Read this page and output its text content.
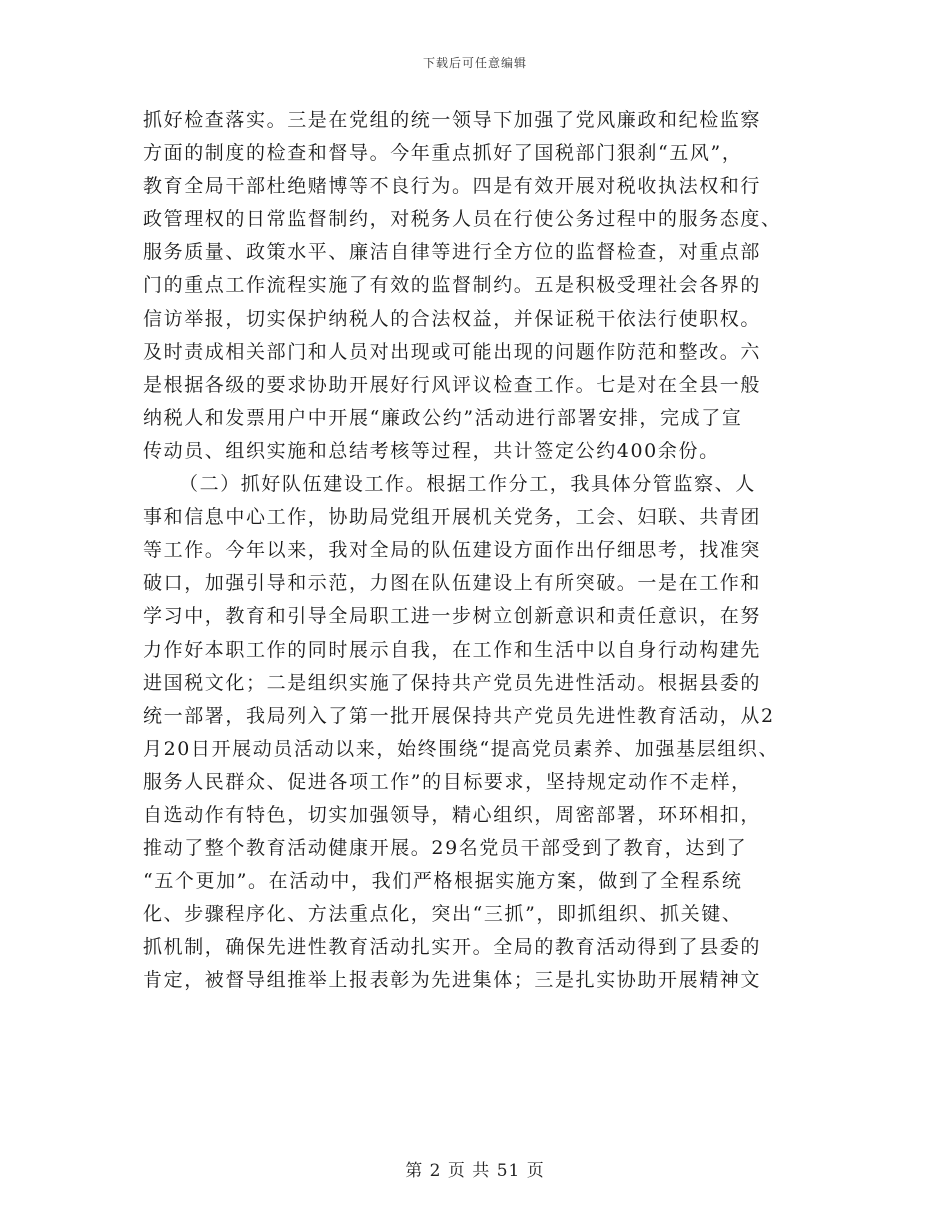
下载后可任意编辑
抓好检查落实。三是在党组的统一领导下加强了党风廉政和纪检监察
方面的制度的检查和督导。今年重点抓好了国税部门狠刹“五风”，
教育全局干部杜绝赌博等不良行为。四是有效开展对税收执法权和行
政管理权的日常监督制约，对税务人员在行使公务过程中的服务态度、
服务质量、政策水平、廉洁自律等进行全方位的监督检查，对重点部
门的重点工作流程实施了有效的监督制约。五是积极受理社会各界的
信访举报，切实保护纳税人的合法权益，并保证税干依法行使职权。
及时责成相关部门和人员对出现或可能出现的问题作防范和整改。六
是根据各级的要求协助开展好行风评议检查工作。七是对在全县一般
纳税人和发票用户中开展“廉政公约”活动进行部署安排，完成了宣
传动员、组织实施和总结考核等过程，共计签定公约400余份。
（二）抓好队伍建设工作。根据工作分工，我具体分管监察、人
事和信息中心工作，协助局党组开展机关党务，工会、妇联、共青团
等工作。今年以来，我对全局的队伍建设方面作出仔细思考，找准突
破口，加强引导和示范，力图在队伍建设上有所突破。一是在工作和
学习中，教育和引导全局职工进一步树立创新意识和责任意识，在努
力作好本职工作的同时展示自我，在工作和生活中以自身行动构建先
进国税文化；二是组织实施了保持共产党员先进性活动。根据县委的
统一部署，我局列入了第一批开展保持共产党员先进性教育活动，从2
月20日开展动员活动以来，始终围绕“提高党员素养、加强基层组织、
服务人民群众、促进各项工作”的目标要求，坚持规定动作不走样，
自选动作有特色，切实加强领导，精心组织，周密部署，环环相扣，
推动了整个教育活动健康开展。29名党员干部受到了教育，达到了
“五个更加”。在活动中，我们严格根据实施方案，做到了全程系统
化、步骤程序化、方法重点化，突出“三抓”，即抓组织、抓关键、
抓机制，确保先进性教育活动扎实开。全局的教育活动得到了县委的
肯定，被督导组推举上报表彰为先进集体；三是扎实协助开展精神文
第 2 页 共 51 页
